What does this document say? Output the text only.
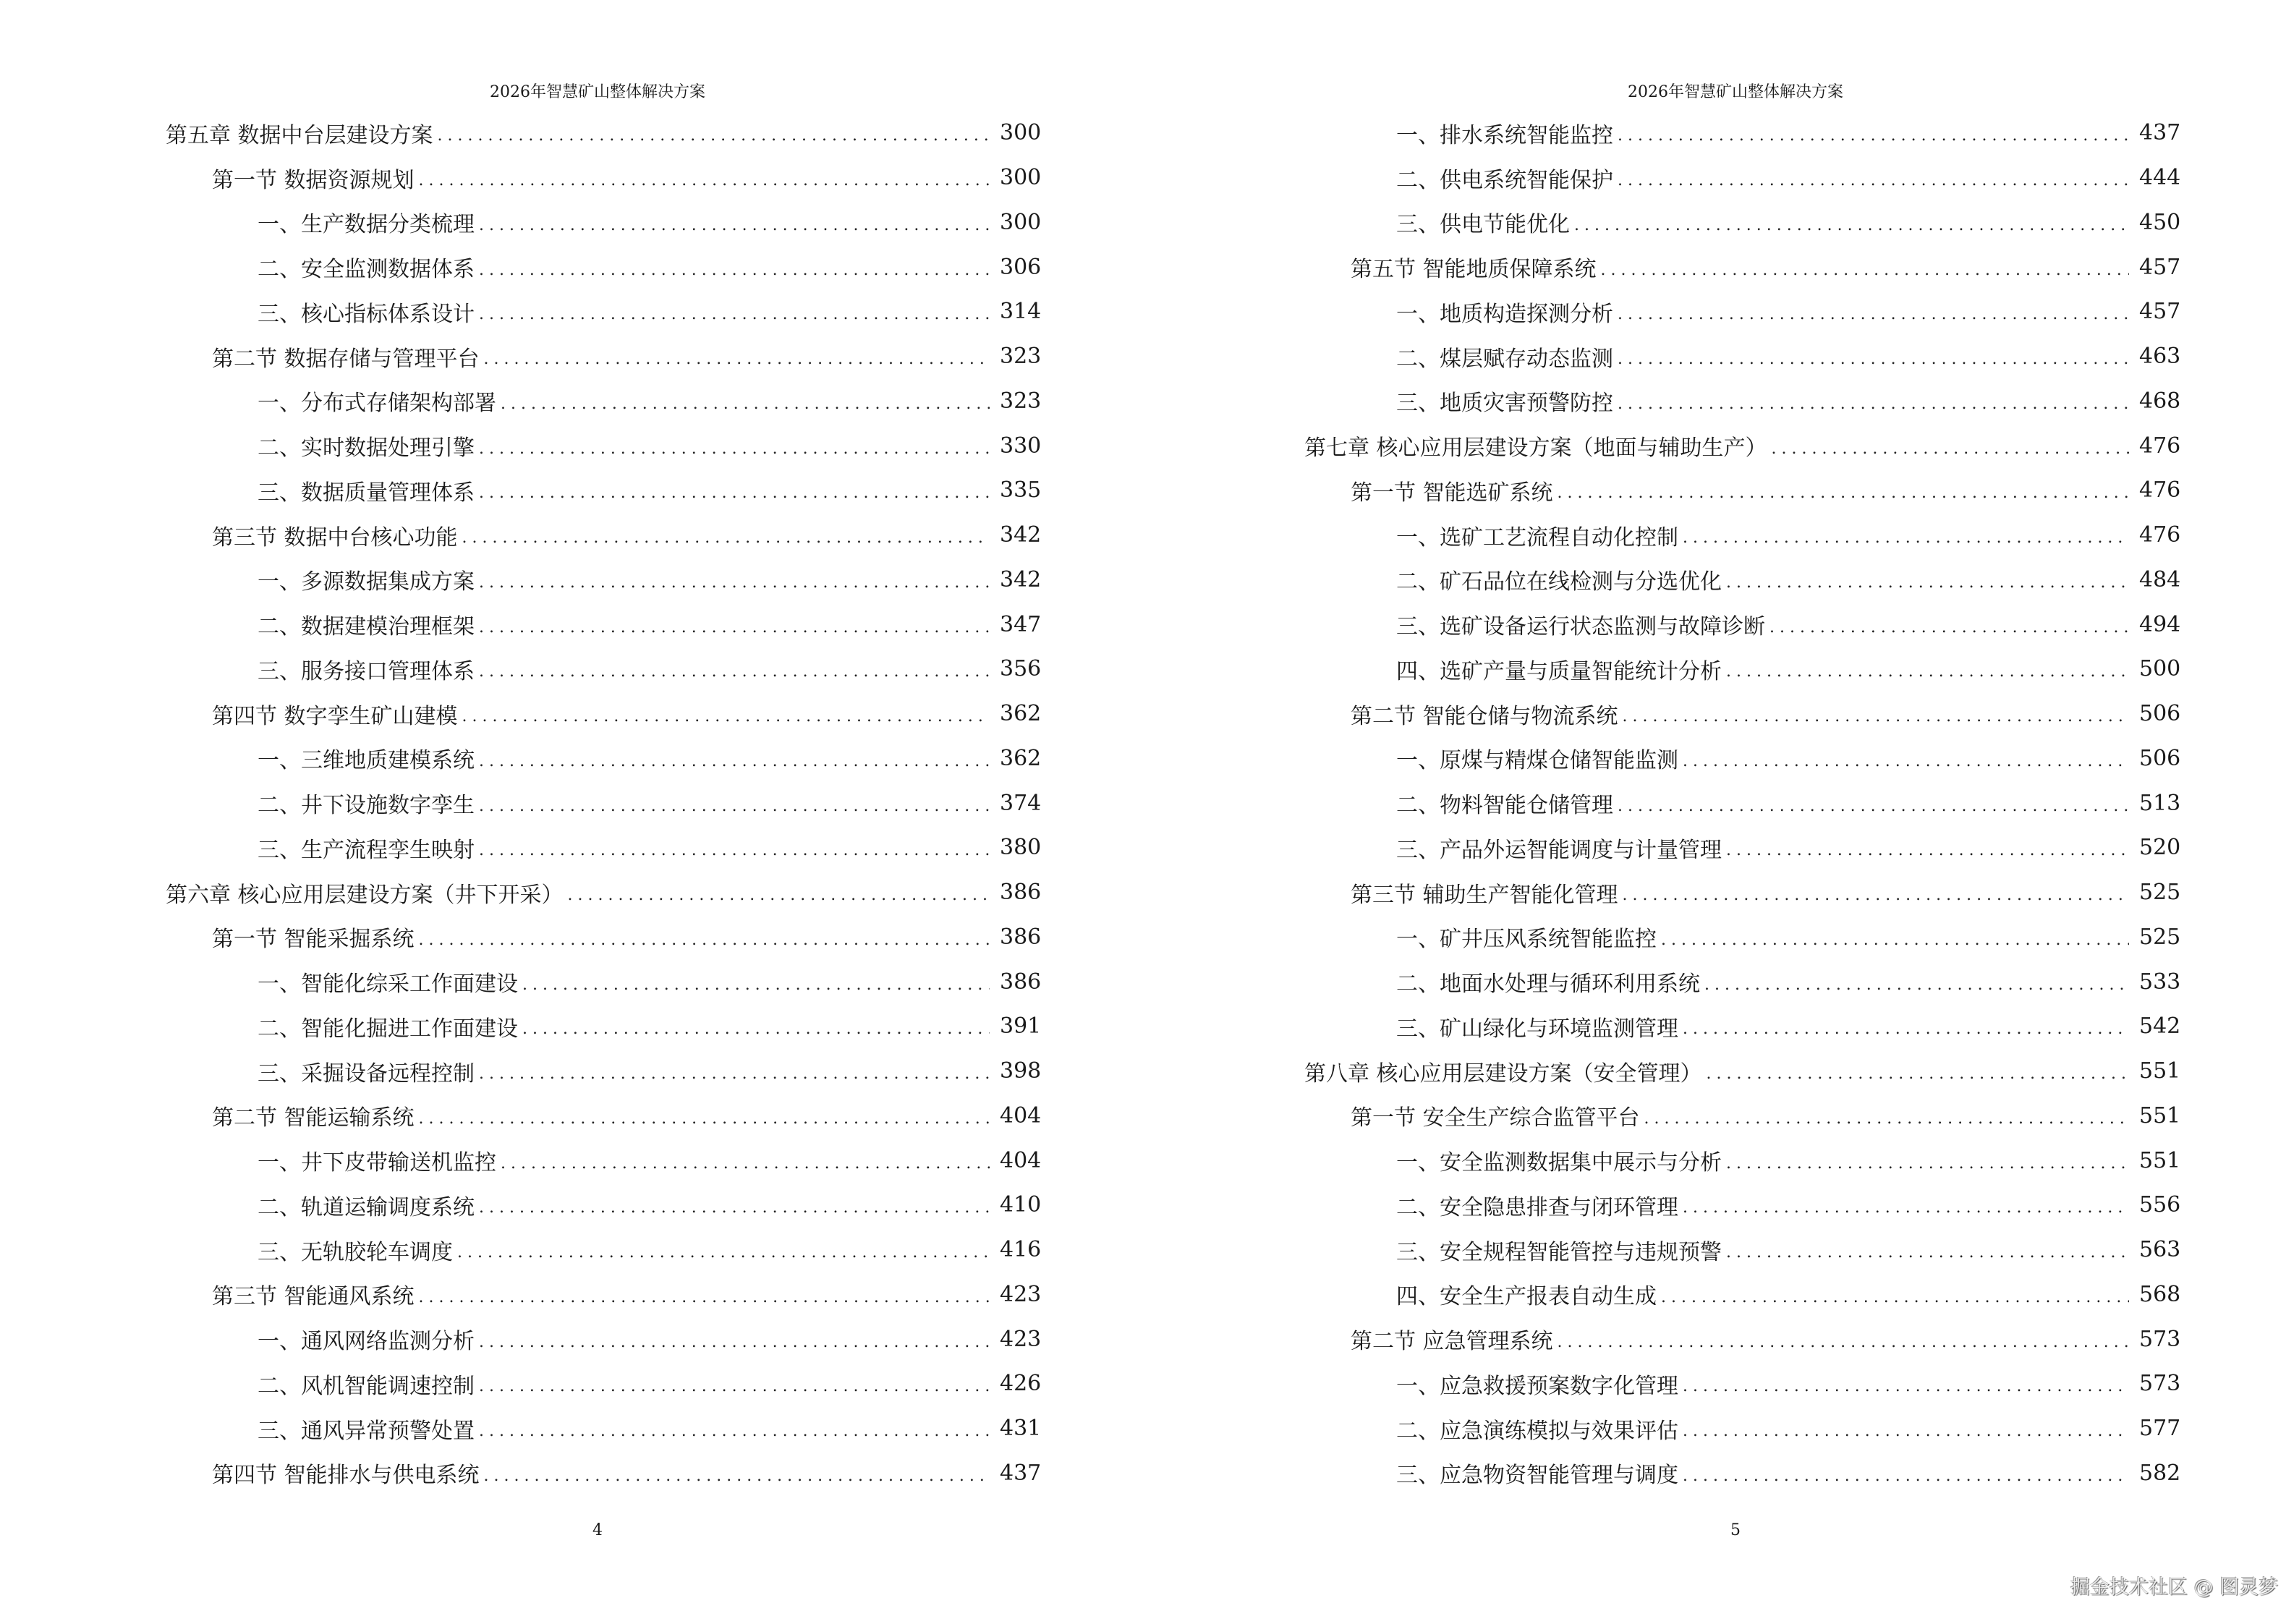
2026年智慧矿山整体解决方案
第五章 数据中台层建设方案 . . .	300
第一节 数据资源规划 . . .	300
一、生产数据分类梳理 . . .	300
二、安全监测数据体系 . . .	306
三、核心指标体系设计 . . .	314
第二节 数据存储与管理平台 . . .	323
一、分布式存储架构部署 . . .	323
二、实时数据处理引擎 . . .	330
三、数据质量管理体系 . . .	335
第三节 数据中台核心功能 . . .	342
一、多源数据集成方案 . . .	342
二、数据建模治理框架 . . .	347
三、服务接口管理体系 . . .	356
第四节 数字孪生矿山建模 . . .	362
一、三维地质建模系统 . . .	362
二、井下设施数字孪生 . . .	374
三、生产流程孪生映射 . . .	380
第六章 核心应用层建设方案（井下开采） . . .	386
第一节 智能采掘系统 . . .	386
一、智能化综采工作面建设 . . .	386
二、智能化掘进工作面建设 . . .	391
三、采掘设备远程控制 . . .	398
第二节 智能运输系统 . . .	404
一、井下皮带输送机监控 . . .	404
二、轨道运输调度系统 . . .	410
三、无轨胶轮车调度 . . .	416
第三节 智能通风系统 . . .	423
一、通风网络监测分析 . . .	423
二、风机智能调速控制 . . .	426
三、通风异常预警处置 . . .	431
第四节 智能排水与供电系统 . . .	437
4
2026年智慧矿山整体解决方案
一、排水系统智能监控 . . .	437
二、供电系统智能保护 . . .	444
三、供电节能优化 . . .	450
第五节 智能地质保障系统 . . .	457
一、地质构造探测分析 . . .	457
二、煤层赋存动态监测 . . .	463
三、地质灾害预警防控 . . .	468
第七章 核心应用层建设方案（地面与辅助生产） . . .	476
第一节 智能选矿系统 . . .	476
一、选矿工艺流程自动化控制 . . .	476
二、矿石品位在线检测与分选优化 . . .	484
三、选矿设备运行状态监测与故障诊断 . . .	494
四、选矿产量与质量智能统计分析 . . .	500
第二节 智能仓储与物流系统 . . .	506
一、原煤与精煤仓储智能监测 . . .	506
二、物料智能仓储管理 . . .	513
三、产品外运智能调度与计量管理 . . .	520
第三节 辅助生产智能化管理 . . .	525
一、矿井压风系统智能监控 . . .	525
二、地面水处理与循环利用系统 . . .	533
三、矿山绿化与环境监测管理 . . .	542
第八章 核心应用层建设方案（安全管理） . . .	551
第一节 安全生产综合监管平台 . . .	551
一、安全监测数据集中展示与分析 . . .	551
二、安全隐患排查与闭环管理 . . .	556
三、安全规程智能管控与违规预警 . . .	563
四、安全生产报表自动生成 . . .	568
第二节 应急管理系统 . . .	573
一、应急救援预案数字化管理 . . .	573
二、应急演练模拟与效果评估 . . .	577
三、应急物资智能管理与调度 . . .	582
5
掘金技术社区 @ 图灵梦
